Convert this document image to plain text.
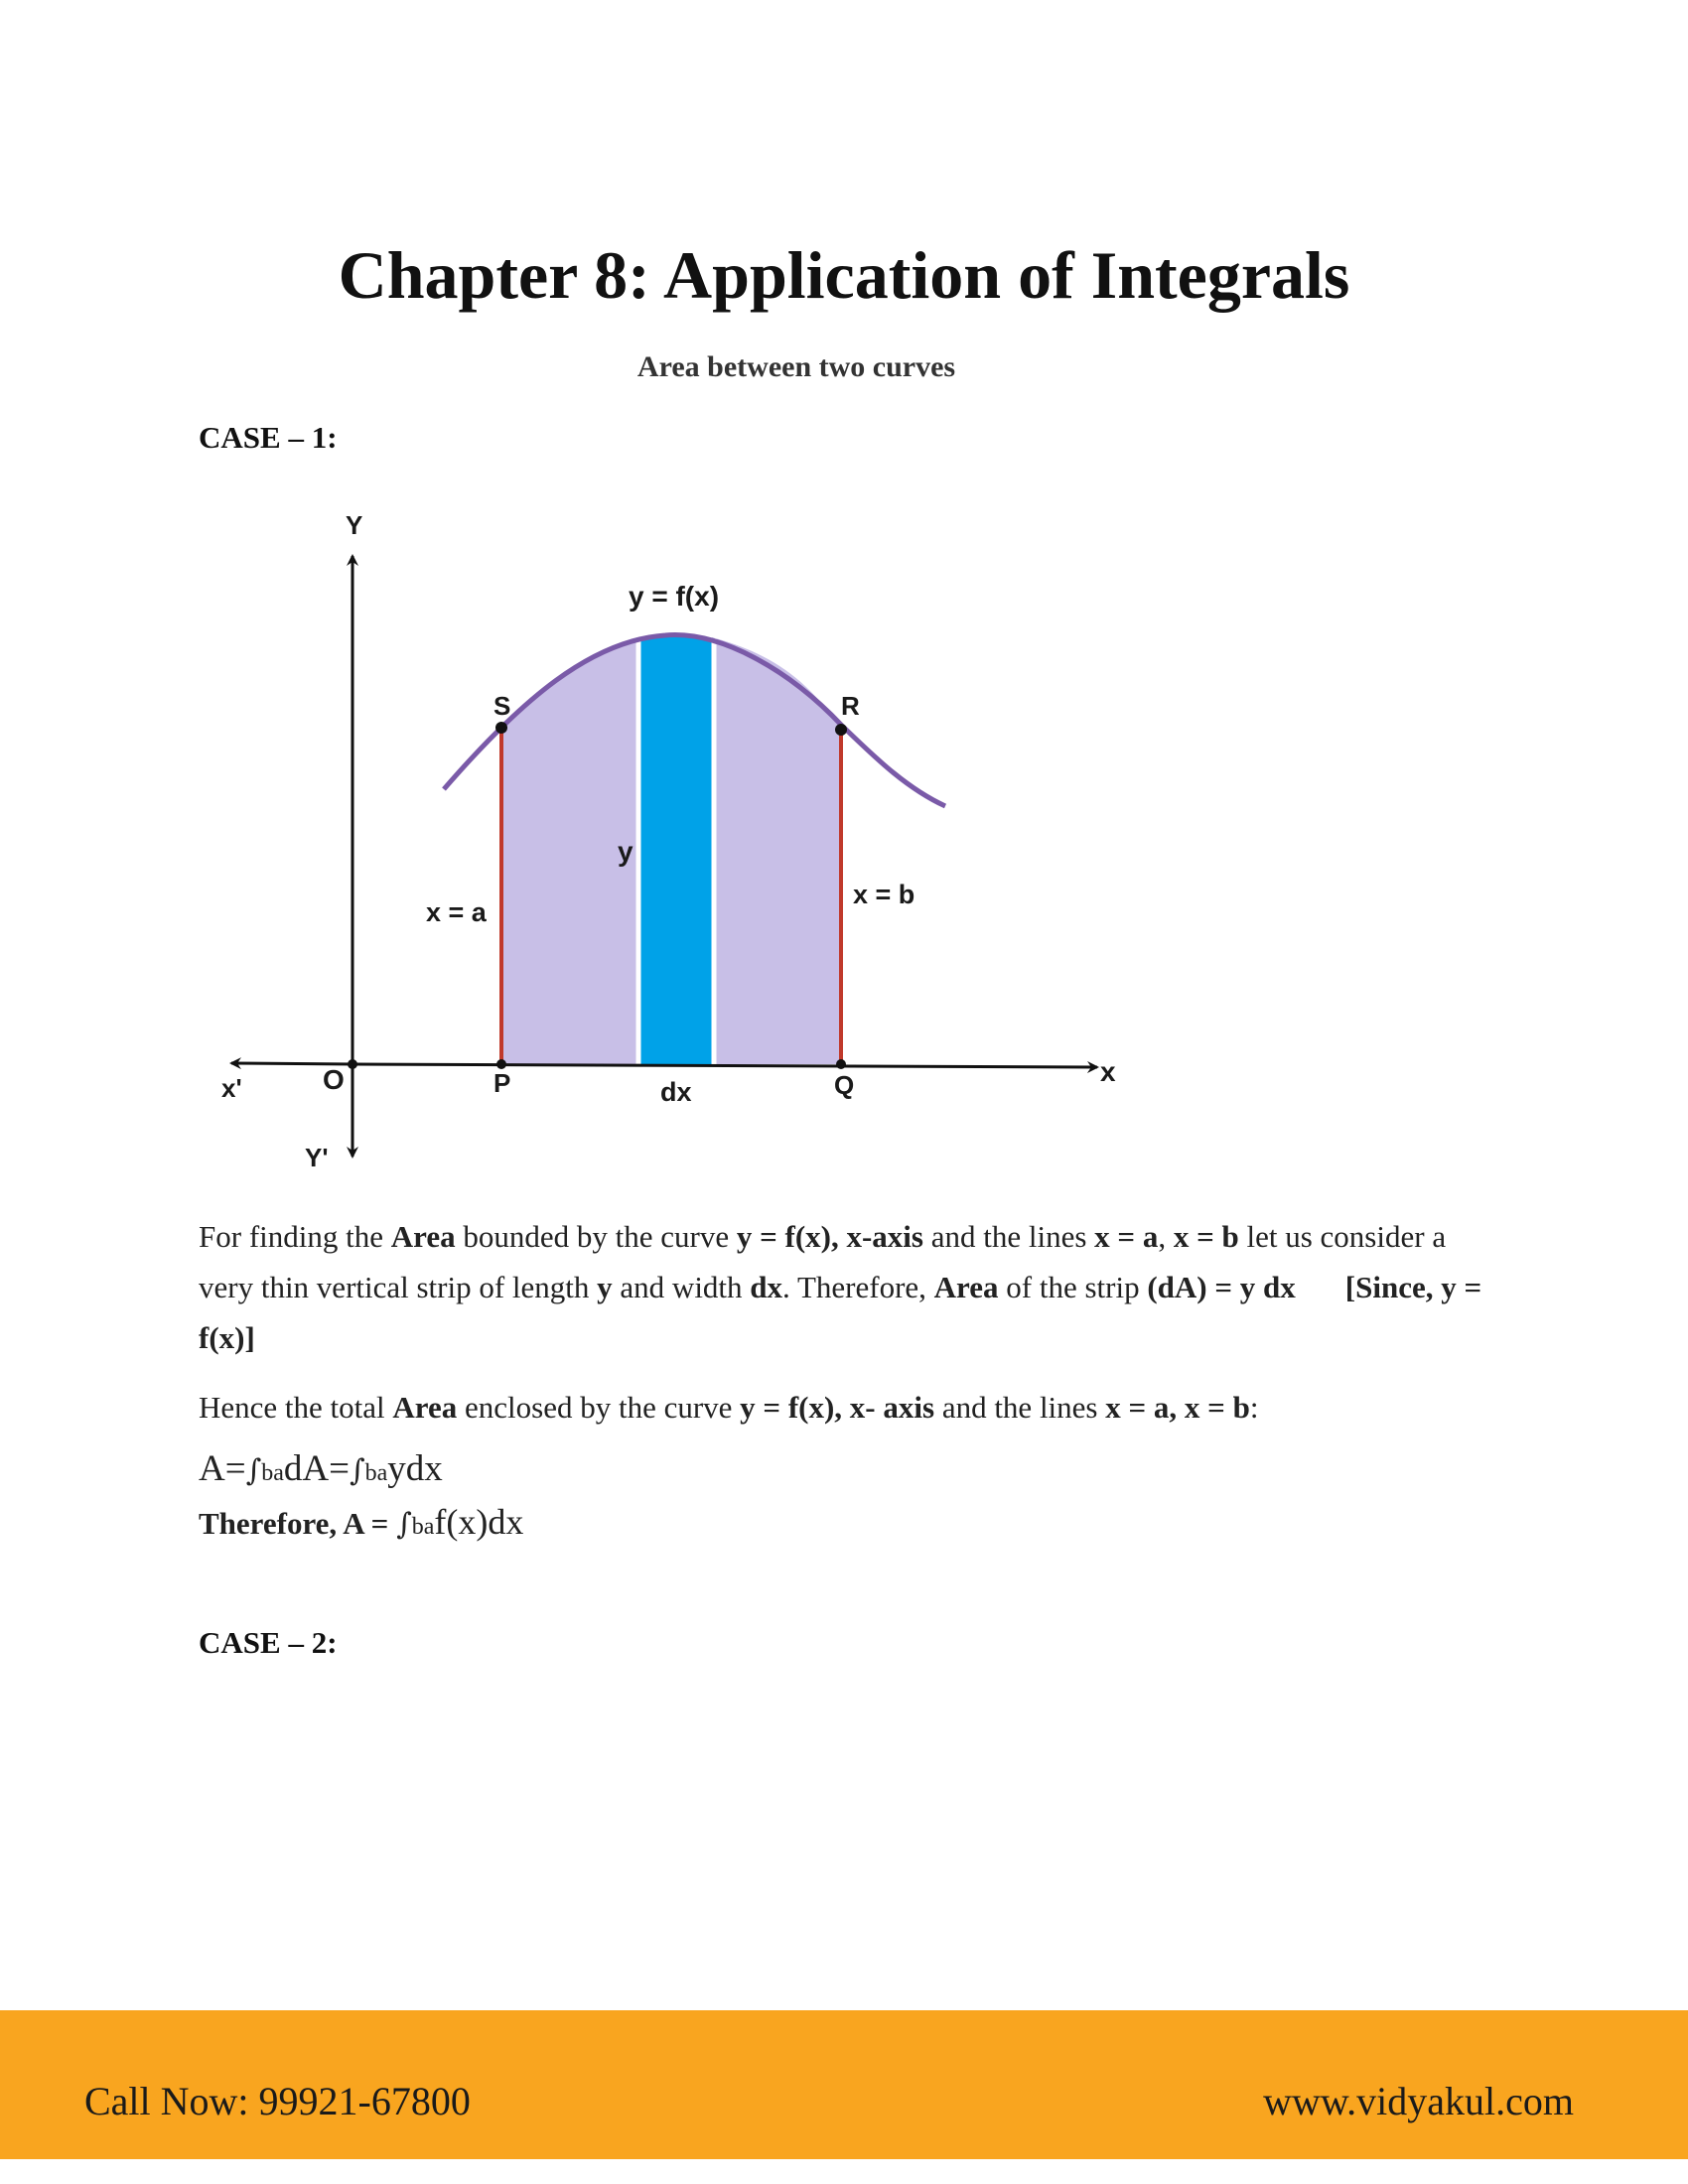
Chapter 8: Application of Integrals
Area between two curves
CASE – 1:
Y
Y'
x
x'	O
y = f(x)
S	R
P	Q
x = a
x = b
y
dx
For finding the Area bounded by the curve y = f(x), x-axis and the lines x = a, x = b let us consider a very thin vertical strip of length y and width dx. Therefore, Area of the strip (dA) = y dx [Since, y = f(x)]
Hence the total Area enclosed by the curve y = f(x), x- axis and the lines x = a, x = b:
A=∫badA=∫baydx
Therefore, A = ∫baf(x)dx
CASE – 2:
Call Now: 99921-67800	www.vidyakul.com
